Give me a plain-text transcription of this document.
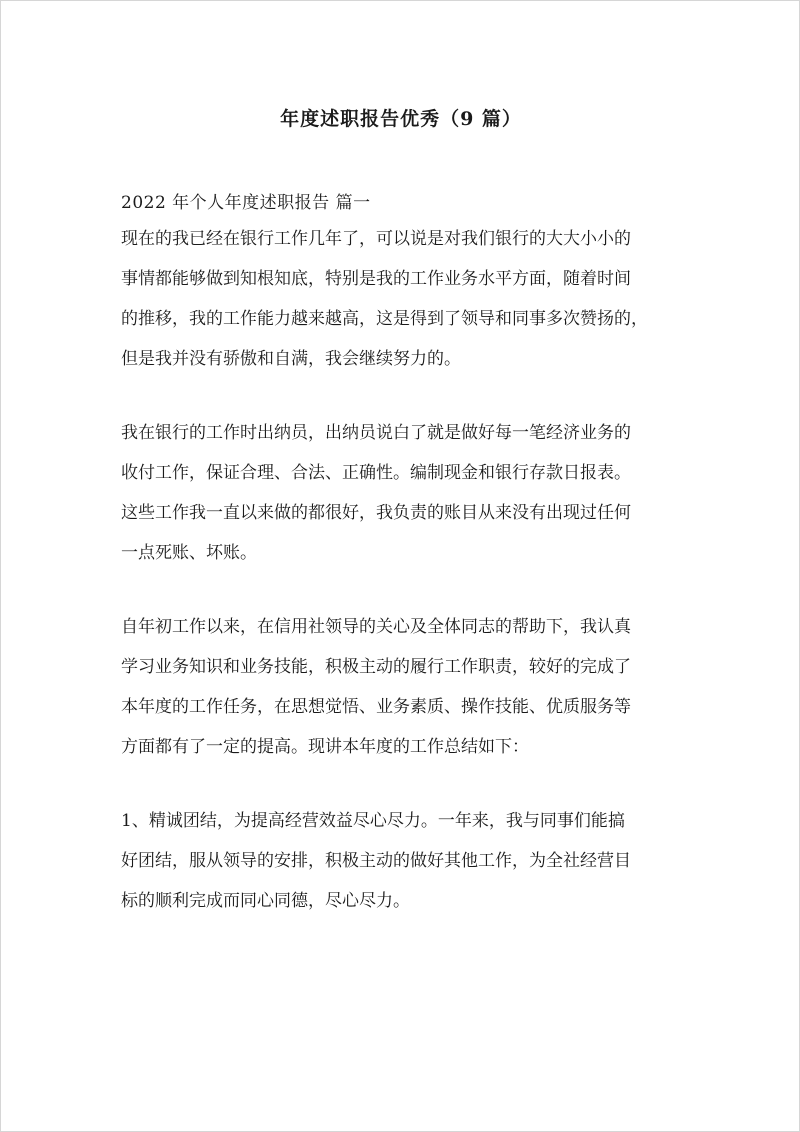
年度述职报告优秀（9 篇）

2022 年个人年度述职报告 篇一

现在的我已经在银行工作几年了，可以说是对我们银行的大大小小的
事情都能够做到知根知底，特别是我的工作业务水平方面，随着时间
的推移，我的工作能力越来越高，这是得到了领导和同事多次赞扬的，
但是我并没有骄傲和自满，我会继续努力的。

我在银行的工作时出纳员，出纳员说白了就是做好每一笔经济业务的
收付工作，保证合理、合法、正确性。编制现金和银行存款日报表。
这些工作我一直以来做的都很好，我负责的账目从来没有出现过任何
一点死账、坏账。

自年初工作以来，在信用社领导的关心及全体同志的帮助下，我认真
学习业务知识和业务技能，积极主动的履行工作职责，较好的完成了
本年度的工作任务，在思想觉悟、业务素质、操作技能、优质服务等
方面都有了一定的提高。现讲本年度的工作总结如下：

1、精诚团结，为提高经营效益尽心尽力。一年来，我与同事们能搞
好团结，服从领导的安排，积极主动的做好其他工作，为全社经营目
标的顺利完成而同心同德，尽心尽力。
